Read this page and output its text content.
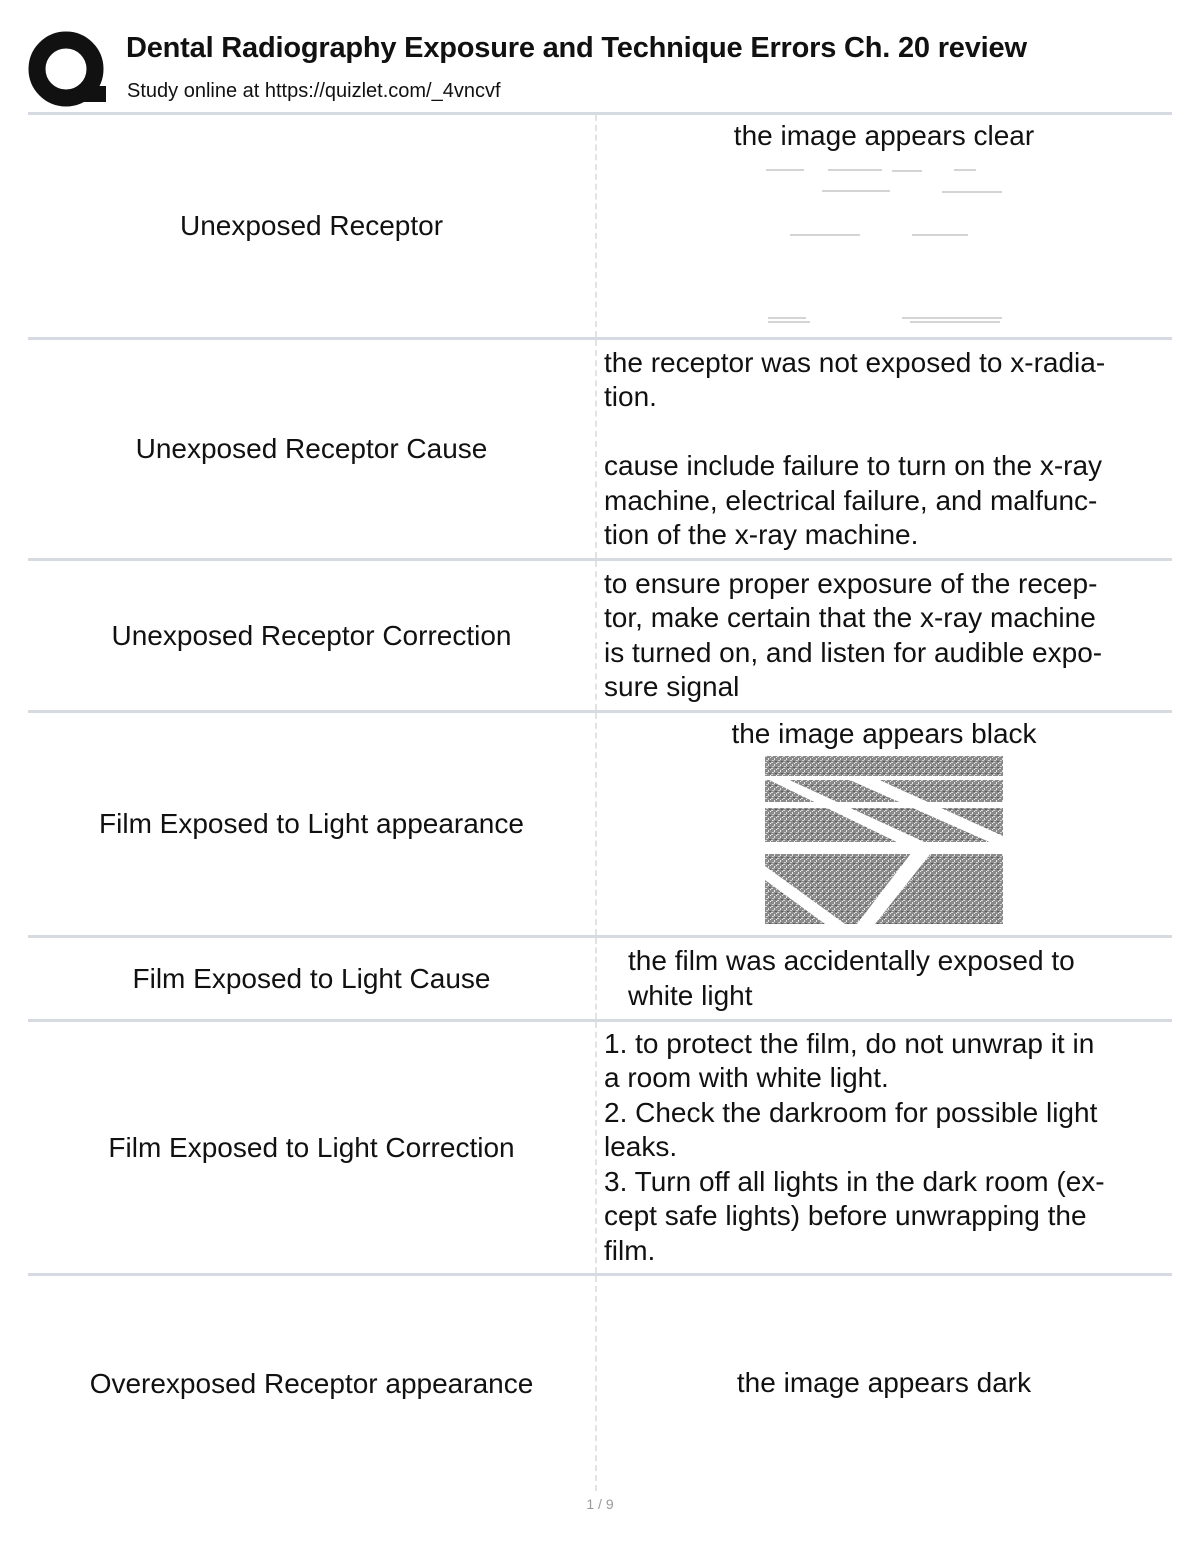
Dental Radiography Exposure and Technique Errors Ch. 20 review
Study online at https://quizlet.com/_4vncvf
Unexposed Receptor
the image appears clear
Unexposed Receptor Cause
the receptor was not exposed to x-radia-
tion.
cause include failure to turn on the x-ray
machine, electrical failure, and malfunc-
tion of the x-ray machine.
Unexposed Receptor Correction
to ensure proper exposure of the recep-
tor, make certain that the x-ray machine
is turned on, and listen for audible expo-
sure signal
Film Exposed to Light appearance
the image appears black
Film Exposed to Light Cause
the film was accidentally exposed to
white light
Film Exposed to Light Correction
1. to protect the film, do not unwrap it in
a room with white light.
2. Check the darkroom for possible light
leaks.
3. Turn off all lights in the dark room (ex-
cept safe lights) before unwrapping the
film.
Overexposed Receptor appearance	the image appears dark
1 / 9
